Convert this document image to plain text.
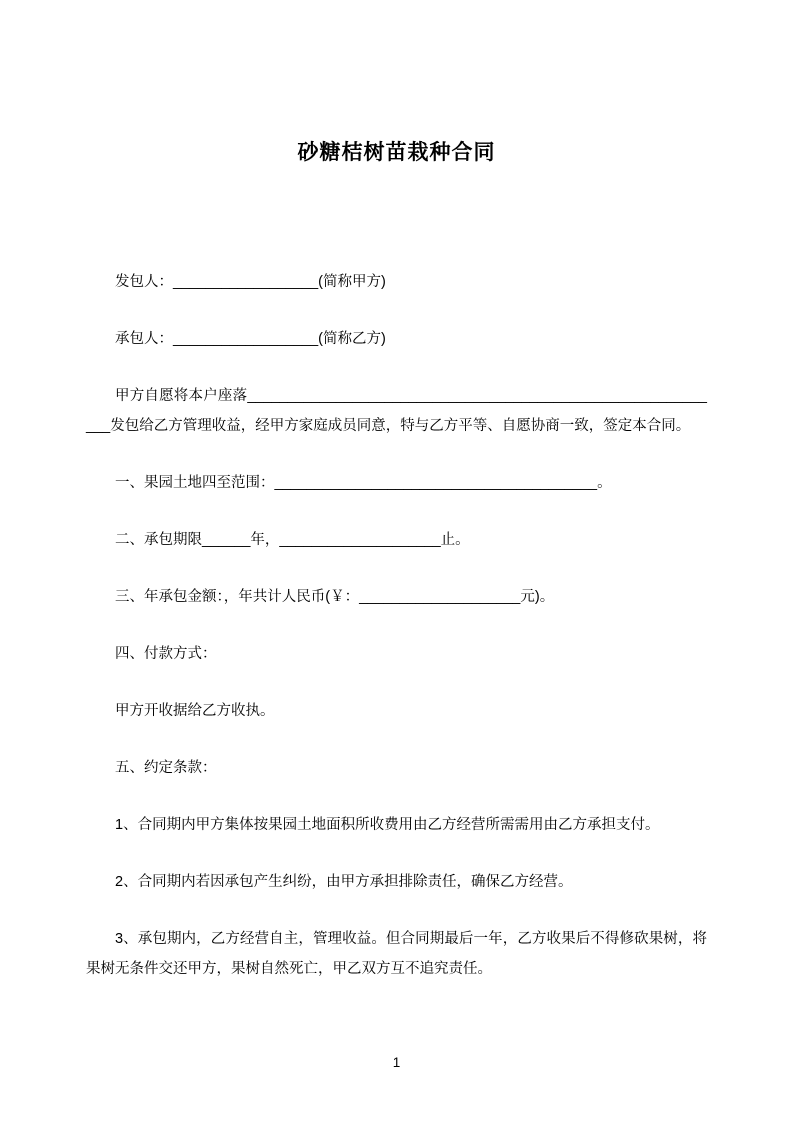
砂糖桔树苗栽种合同

发包人：__________________(简称甲方)

承包人：__________________(简称乙方)

甲方自愿将本户座落____________________________________________________________发包给乙方管理收益，经甲方家庭成员同意，特与乙方平等、自愿协商一致，签定本合同。

一、果园土地四至范围：________________________________________。

二、承包期限______年，____________________止。

三、年承包金额：，年共计人民币(￥：____________________元)。

四、付款方式：

甲方开收据给乙方收执。

五、约定条款：

1、合同期内甲方集体按果园土地面积所收费用由乙方经营所需需用由乙方承担支付。

2、合同期内若因承包产生纠纷，由甲方承担排除责任，确保乙方经营。

3、承包期内，乙方经营自主，管理收益。但合同期最后一年，乙方收果后不得修砍果树，将果树无条件交还甲方，果树自然死亡，甲乙双方互不追究责任。

1
